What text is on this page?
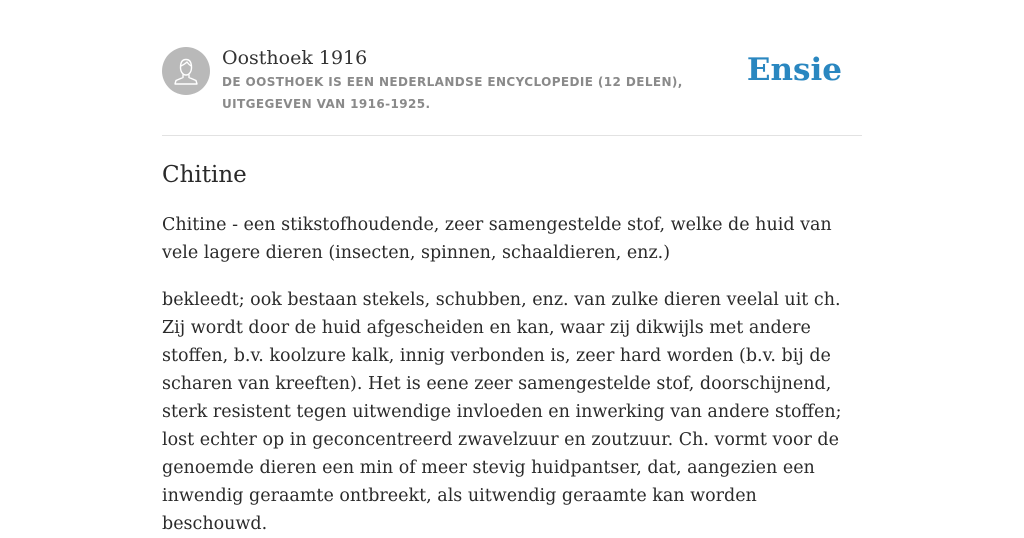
Oosthoek 1916
DE OOSTHOEK IS EEN NEDERLANDSE ENCYCLOPEDIE (12 DELEN), UITGEGEVEN VAN 1916-1925.
Ensie
Chitine

Chitine - een stikstofhoudende, zeer samengestelde stof, welke de huid van vele lagere dieren (insecten, spinnen, schaaldieren, enz.)

bekleedt; ook bestaan stekels, schubben, enz. van zulke dieren veelal uit ch. Zij wordt door de huid afgescheiden en kan, waar zij dikwijls met andere stoffen, b.v. koolzure kalk, innig verbonden is, zeer hard worden (b.v. bij de scharen van kreeften). Het is eene zeer samengestelde stof, doorschijnend, sterk resistent tegen uitwendige invloeden en inwerking van andere stoffen; lost echter op in geconcentreerd zwavelzuur en zoutzuur. Ch. vormt voor de genoemde dieren een min of meer stevig huidpantser, dat, aangezien een inwendig geraamte ontbreekt, als uitwendig geraamte kan worden beschouwd.
